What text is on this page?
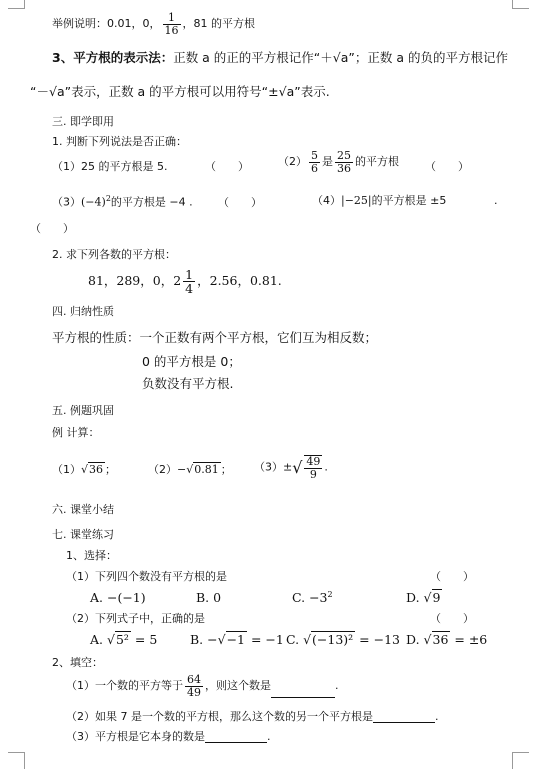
举例说明：0.01，0， $\frac{1}{16}$ ，81 的平方根
3、平方根的表示法：正数 a 的正的平方根记作“＋√a”；正数 a 的负的平方根记作
“－√a”表示，正数 a 的平方根可以用符号“±√a”表示.
三. 即学即用
1. 判断下列说法是否正确：
（1）25 的平方根是 5.	（　　）	$(2) \frac{5}{6}$ 是 $\frac{25}{36}$ 的平方根 （　　）
$(3)(-4)^2$的平方根是 −4 . （　　）	（4）|−25|的平方根是 ±5	.
（　　）
2. 求下列各数的平方根：
81，289，0，$2 \frac{1}{4}$ ，2.56，0.81.
四. 归纳性质
平方根的性质：一个正数有两个平方根，它们互为相反数；
0 的平方根是 0；
负数没有平方根.
五. 例题巩固
例 计算：
（1）√36 ；	（2）−√0.81 ； $(3)\pm√ \frac{49}{9}$ .
六. 课堂小结
七. 课堂练习
1、选择：
（1）下列四个数没有平方根的是	（　　）
A. −(−1)	B. 0	C. $-3^2$	D. √9
（2）下列式子中，正确的是	（　　）
A. √5² = 5	B. −√−1 = −1 C. √(−13)² = −13 D. √36 = ±6
2、填空：
（1）一个数的平方等于 $\frac{64}{49}$ ，则这个数是	.
（2）如果 7 是一个数的平方根，那么这个数的另一个平方根是	.
（3）平方根是它本身的数是	.
